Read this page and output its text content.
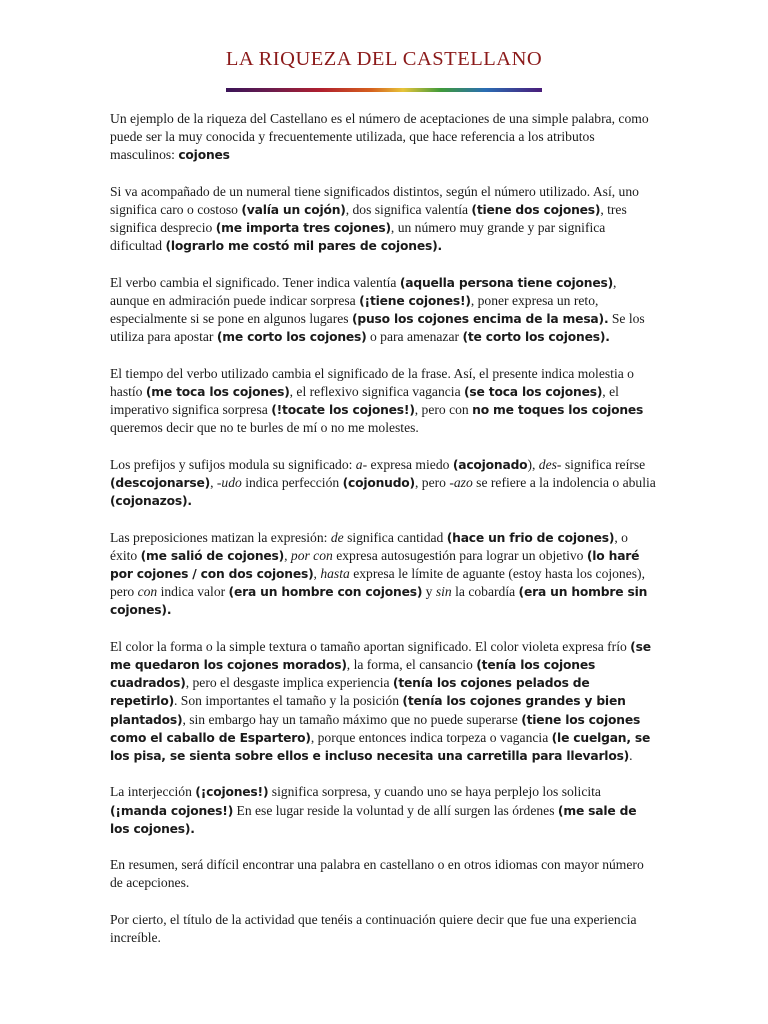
LA RIQUEZA DEL CASTELLANO

Un ejemplo de la riqueza del Castellano es el número de aceptaciones de una simple palabra, como puede ser la muy conocida y frecuentemente utilizada, que hace referencia a los atributos masculinos: cojones

Si va acompañado de un numeral tiene significados distintos, según el número utilizado. Así, uno significa caro o costoso (valía un cojón), dos significa valentía (tiene dos cojones), tres significa desprecio (me importa tres cojones), un número muy grande y par significa dificultad (lograrlo me costó mil pares de cojones).

El verbo cambia el significado. Tener indica valentía (aquella persona tiene cojones), aunque en admiración puede indicar sorpresa (¡tiene cojones!), poner expresa un reto, especialmente si se pone en algunos lugares (puso los cojones encima de la mesa). Se los utiliza para apostar (me corto los cojones) o para amenazar (te corto los cojones).

El tiempo del verbo utilizado cambia el significado de la frase. Así, el presente indica molestia o hastío (me toca los cojones), el reflexivo significa vagancia (se toca los cojones), el imperativo significa sorpresa (!tocate los cojones!), pero con no me toques los cojones queremos decir que no te burles de mí o no me molestes.

Los prefijos y sufijos modula su significado: a- expresa miedo (acojonado), des- significa reírse (descojonarse), -udo indica perfección (cojonudo), pero -azo se refiere a la indolencia o abulia (cojonazos).

Las preposiciones matizan la expresión: de significa cantidad (hace un frio de cojones), o éxito (me salió de cojones), por con expresa autosugestión para lograr un objetivo (lo haré por cojones / con dos cojones), hasta expresa le límite de aguante (estoy hasta los cojones), pero con indica valor (era un hombre con cojones) y sin la cobardía (era un hombre sin cojones).

El color la forma o la simple textura o tamaño aportan significado. El color violeta expresa frío (se me quedaron los cojones morados), la forma, el cansancio (tenía los cojones cuadrados), pero el desgaste implica experiencia (tenía los cojones pelados de repetirlo). Son importantes el tamaño y la posición (tenía los cojones grandes y bien plantados), sin embargo hay un tamaño máximo que no puede superarse (tiene los cojones como el caballo de Espartero), porque entonces indica torpeza o vagancia (le cuelgan, se los pisa, se sienta sobre ellos e incluso necesita una carretilla para llevarlos).

La interjección (¡cojones!) significa sorpresa, y cuando uno se haya perplejo los solicita (¡manda cojones!) En ese lugar reside la voluntad y de allí surgen las órdenes (me sale de los cojones).

En resumen, será difícil encontrar una palabra en castellano o en otros idiomas con mayor número de acepciones.

Por cierto, el título de la actividad que tenéis a continuación quiere decir que fue una experiencia increíble.
